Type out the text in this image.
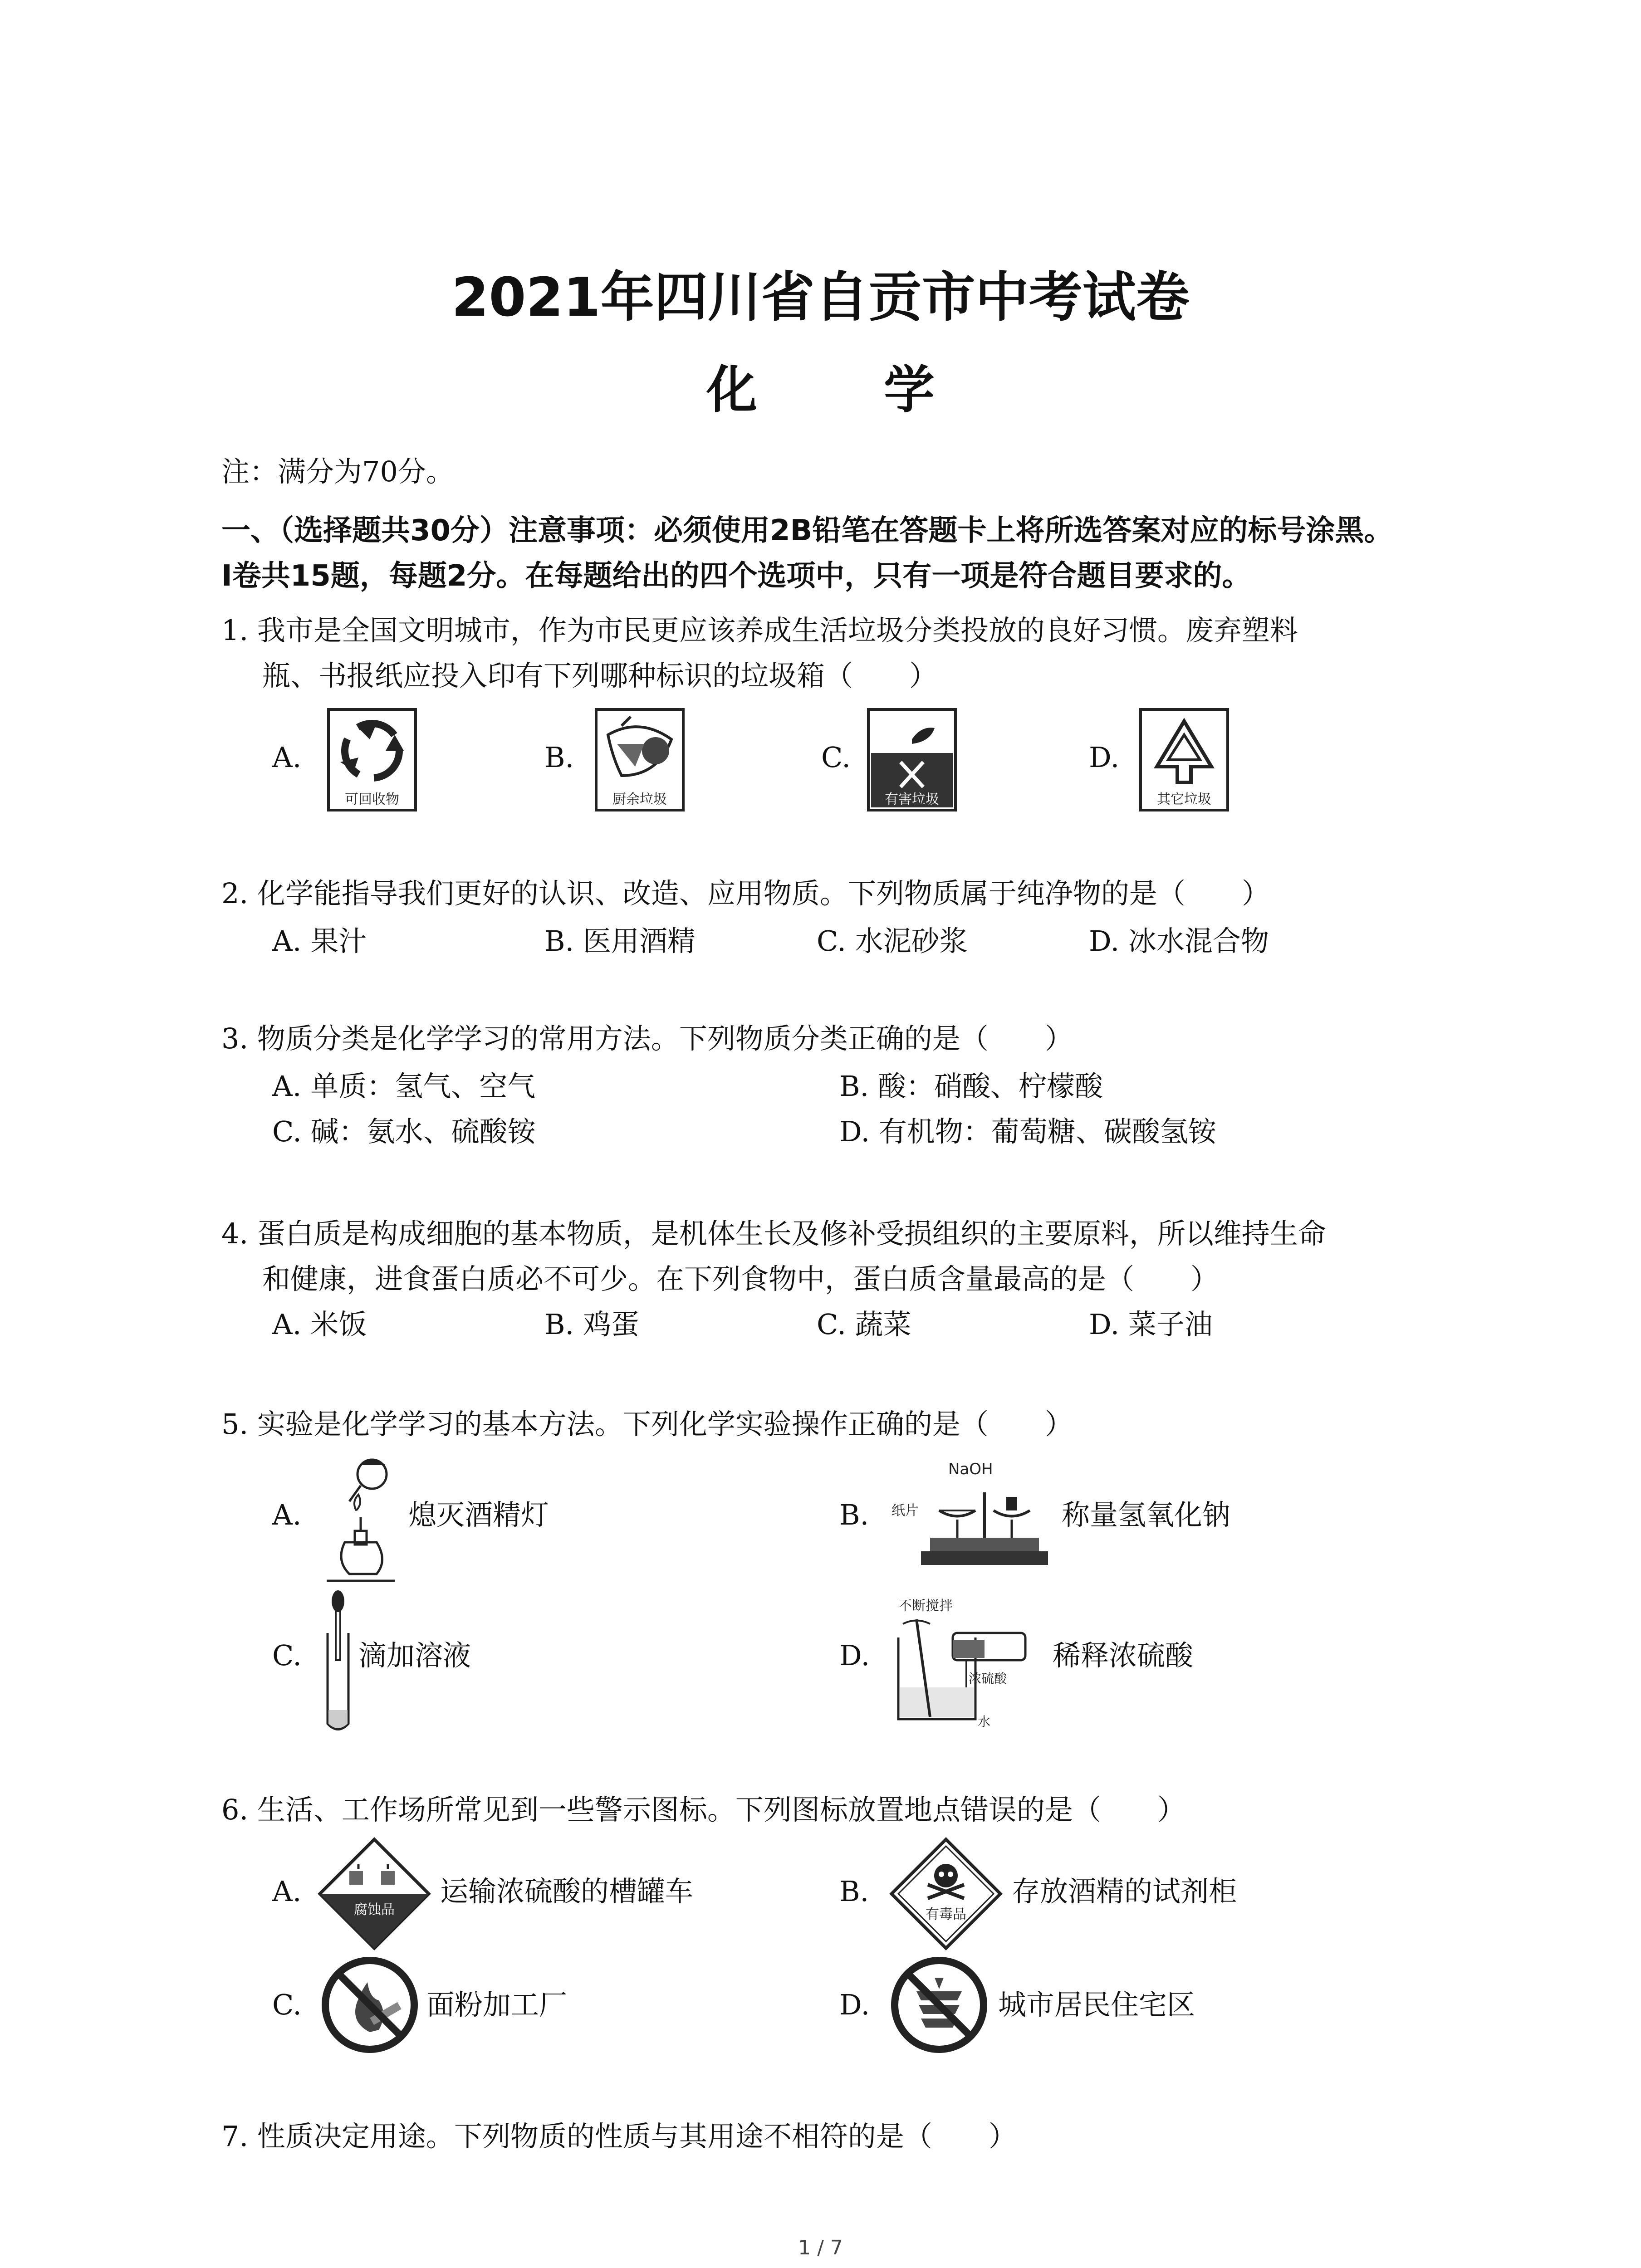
2021年四川省自贡市中考试卷
化 学
注：满分为70分。
一、（选择题共30分）注意事项：必须使用2B铅笔在答题卡上将所选答案对应的标号涂黑。
Ⅰ卷共15题，每题2分。在每题给出的四个选项中，只有一项是符合题目要求的。
1. 我市是全国文明城市，作为市民更应该养成生活垃圾分类投放的良好习惯。废弃塑料
瓶、书报纸应投入印有下列哪种标识的垃圾箱（　　）
A.
可回收物
B.
厨余垃圾
C.
有害垃圾
D.
其它垃圾
2. 化学能指导我们更好的认识、改造、应用物质。下列物质属于纯净物的是（　　）
A. 果汁	B. 医用酒精	C. 水泥砂浆	D. 冰水混合物
3. 物质分类是化学学习的常用方法。下列物质分类正确的是（　　）
A. 单质：氢气、空气	B. 酸：硝酸、柠檬酸
C. 碱：氨水、硫酸铵	D. 有机物：葡萄糖、碳酸氢铵
4. 蛋白质是构成细胞的基本物质，是机体生长及修补受损组织的主要原料，所以维持生命
和健康，进食蛋白质必不可少。在下列食物中，蛋白质含量最高的是（　　）
A. 米饭	B. 鸡蛋	C. 蔬菜	D. 菜子油
5. 实验是化学学习的基本方法。下列化学实验操作正确的是（　　）
A.	熄灭酒精灯	B.
NaOH
纸片	称量氢氧化钠
C. 滴加溶液	D.
不断搅拌
浓硫酸
水
稀释浓硫酸
6. 生活、工作场所常见到一些警示图标。下列图标放置地点错误的是（　　）
A.
腐蚀品
运输浓硫酸的槽罐车	B.
有毒品
存放酒精的试剂柜
C.	面粉加工厂	D.	城市居民住宅区
7. 性质决定用途。下列物质的性质与其用途不相符的是（　　）
1 / 7
